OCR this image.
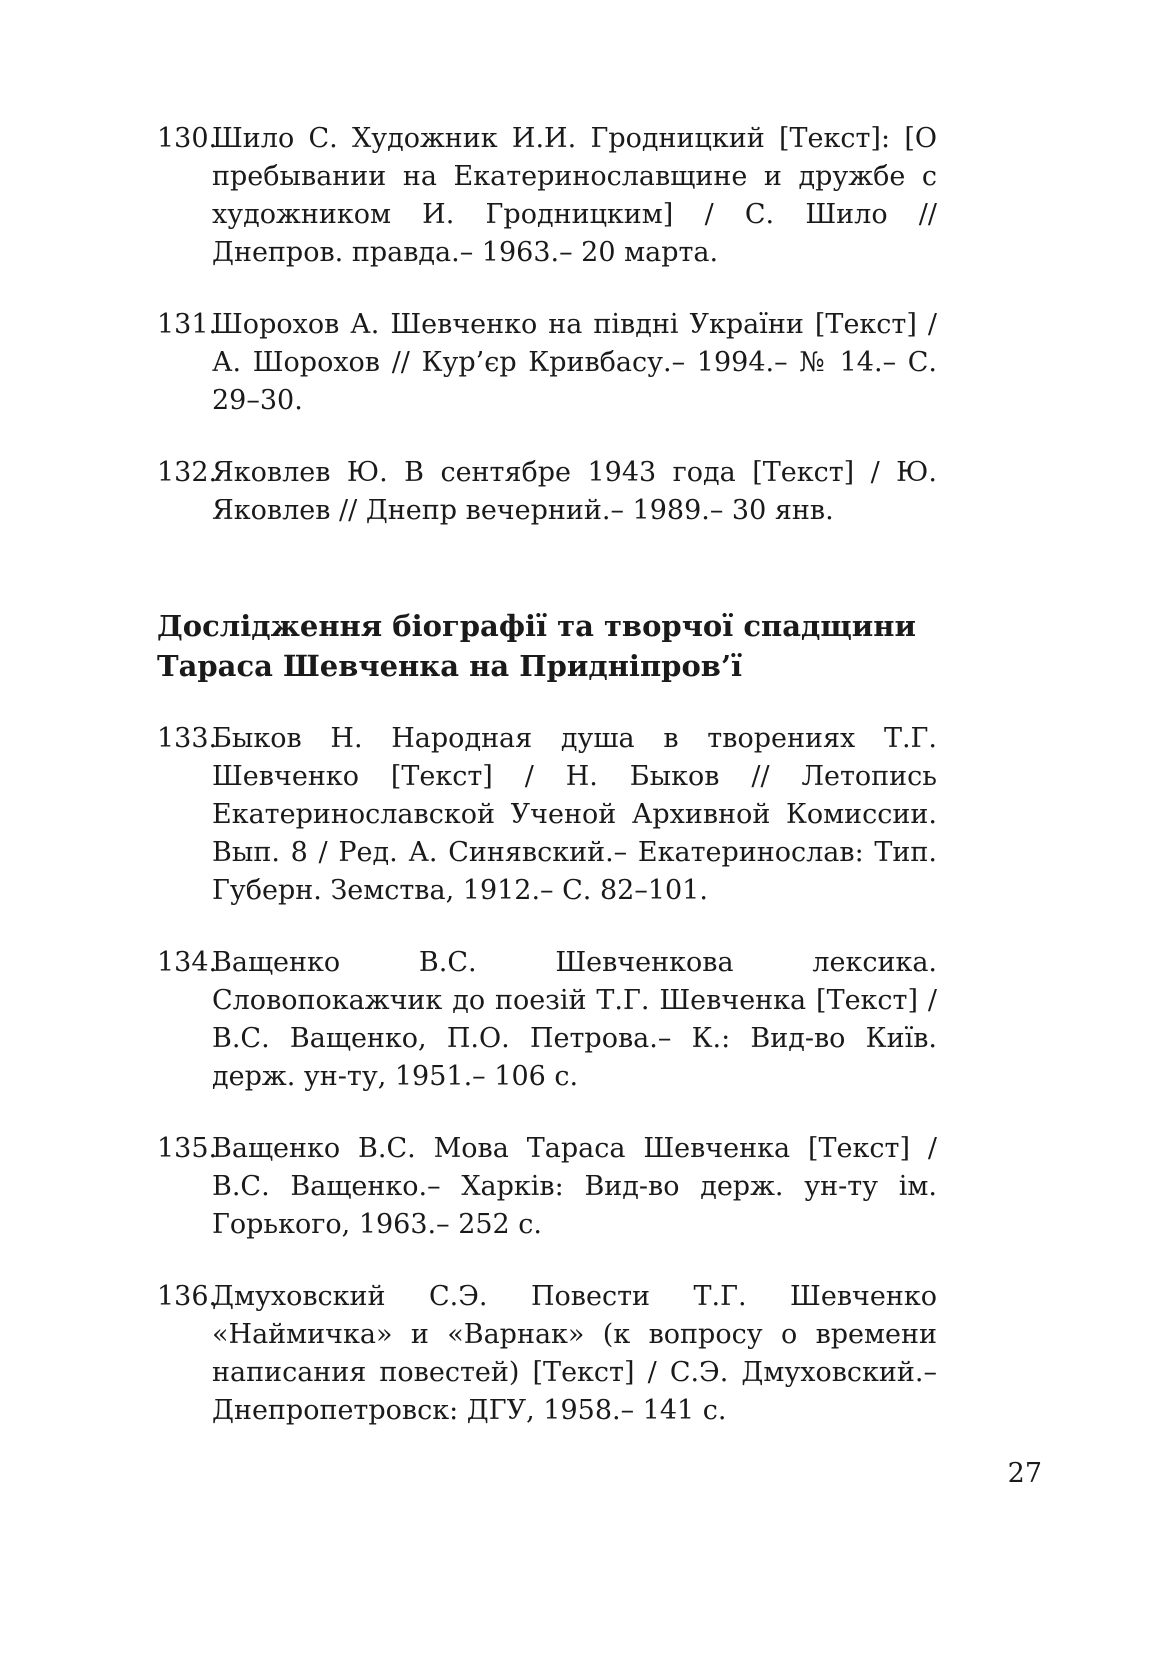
130.
Шило С. Художник И.И. Гродницкий [Текст]: [О пребывании на Екатеринославщине и дружбе с художником И. Гродницким] / С. Шило // Днепров. правда.– 1963.– 20 марта.
131.
Шорохов А. Шевченко на півдні України [Текст] / А. Шорохов // Кур’єр Кривбасу.– 1994.– № 14.– С. 29–30.
132.
Яковлев Ю. В сентябре 1943 года [Текст] / Ю. Яковлев // Днепр вечерний.– 1989.– 30 янв.
Дослідження біографії та творчої спадщини
Тараса Шевченка на Придніпров’ї
133.
Быков Н. Народная душа в творениях Т.Г. Шевченко [Текст] / Н. Быков // Летопись Екатеринославской Ученой Архивной Комиссии. Вып. 8 / Ред. А. Синявский.– Екатеринослав: Тип. Губерн. Земства, 1912.– С. 82–101.
134.
Ващенко В.С. Шевченкова лексика. Словопокажчик до поезій Т.Г. Шевченка [Текст] / В.С. Ващенко, П.О. Петрова.– К.: Вид-во Київ. держ. ун-ту, 1951.– 106 с.
135.
Ващенко В.С. Мова Тараса Шевченка [Текст] / В.С. Ващенко.– Харків: Вид-во держ. ун-ту ім. Горького, 1963.– 252 с.
136.
Дмуховский С.Э. Повести Т.Г. Шевченко «Наймичка» и «Варнак» (к вопросу о времени написания повестей) [Текст] / С.Э. Дмуховский.– Днепропетровск: ДГУ, 1958.– 141 с.
27
